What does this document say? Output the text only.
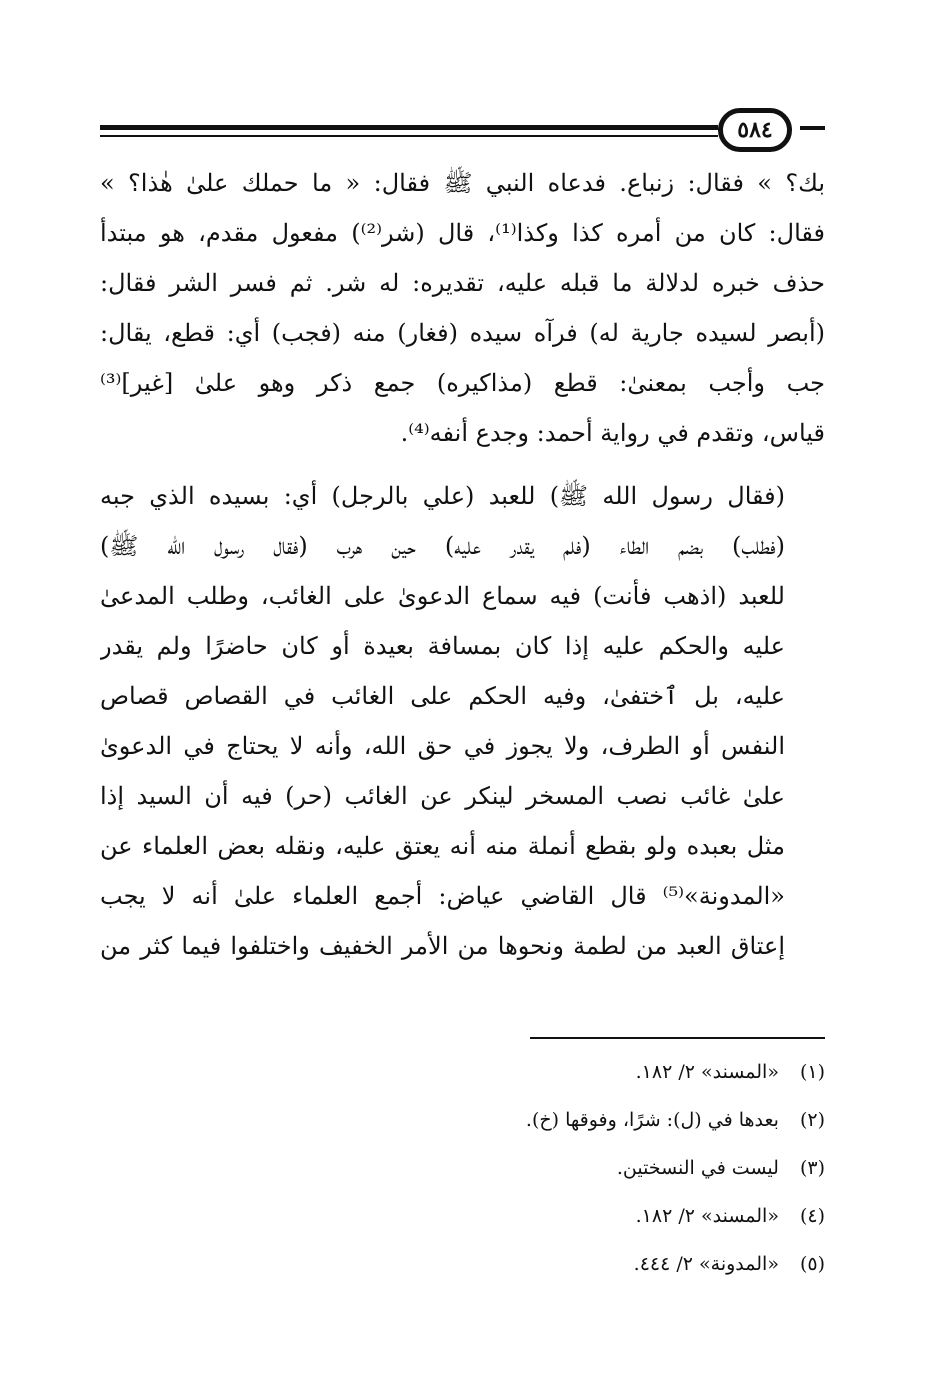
٥٨٤

بك؟ » فقال: زنباع. فدعاه النبي ﷺ فقال: « ما حملك علىٰ هٰذا؟ »
فقال: كان من أمره كذا وكذا⁽¹⁾، قال (شر⁽²⁾) مفعول مقدم، هو مبتدأ
حذف خبره لدلالة ما قبله عليه، تقديره: له شر. ثم فسر الشر فقال:
(أبصر لسيده جارية له) فرآه سيده (فغار) منه (فجب) أي: قطع، يقال:
جب وأجب بمعنىٰ: قطع (مذاكيره) جمع ذكر وهو علىٰ [غير]⁽³⁾
قياس، وتقدم في رواية أحمد: وجدع أنفه⁽⁴⁾.

(فقال رسول الله ﷺ) للعبد (علي بالرجل) أي: بسيده الذي جبه
(فطلب) بضم الطاء (فلم يقدر عليه) حين هرب (فقال رسول الله ﷺ)
للعبد (اذهب فأنت) فيه سماع الدعوىٰ على الغائب، وطلب المدعىٰ
عليه والحكم عليه إذا كان بمسافة بعيدة أو كان حاضرًا ولم يقدر
عليه، بل ٱختفىٰ، وفيه الحكم على الغائب في القصاص قصاص
النفس أو الطرف، ولا يجوز في حق الله، وأنه لا يحتاج في الدعوىٰ
علىٰ غائب نصب المسخر لينكر عن الغائب (حر) فيه أن السيد إذا
مثل بعبده ولو بقطع أنملة منه أنه يعتق عليه، ونقله بعض العلماء عن
«المدونة»⁽⁵⁾ قال القاضي عياض: أجمع العلماء علىٰ أنه لا يجب
إعتاق العبد من لطمة ونحوها من الأمر الخفيف واختلفوا فيما كثر من

(١) «المسند» ٢/ ١٨٢.
(٢) بعدها في (ل): شرًا، وفوقها (خ).
(٣) ليست في النسختين.
(٤) «المسند» ٢/ ١٨٢.
(٥) «المدونة» ٢/ ٤٤٤.
